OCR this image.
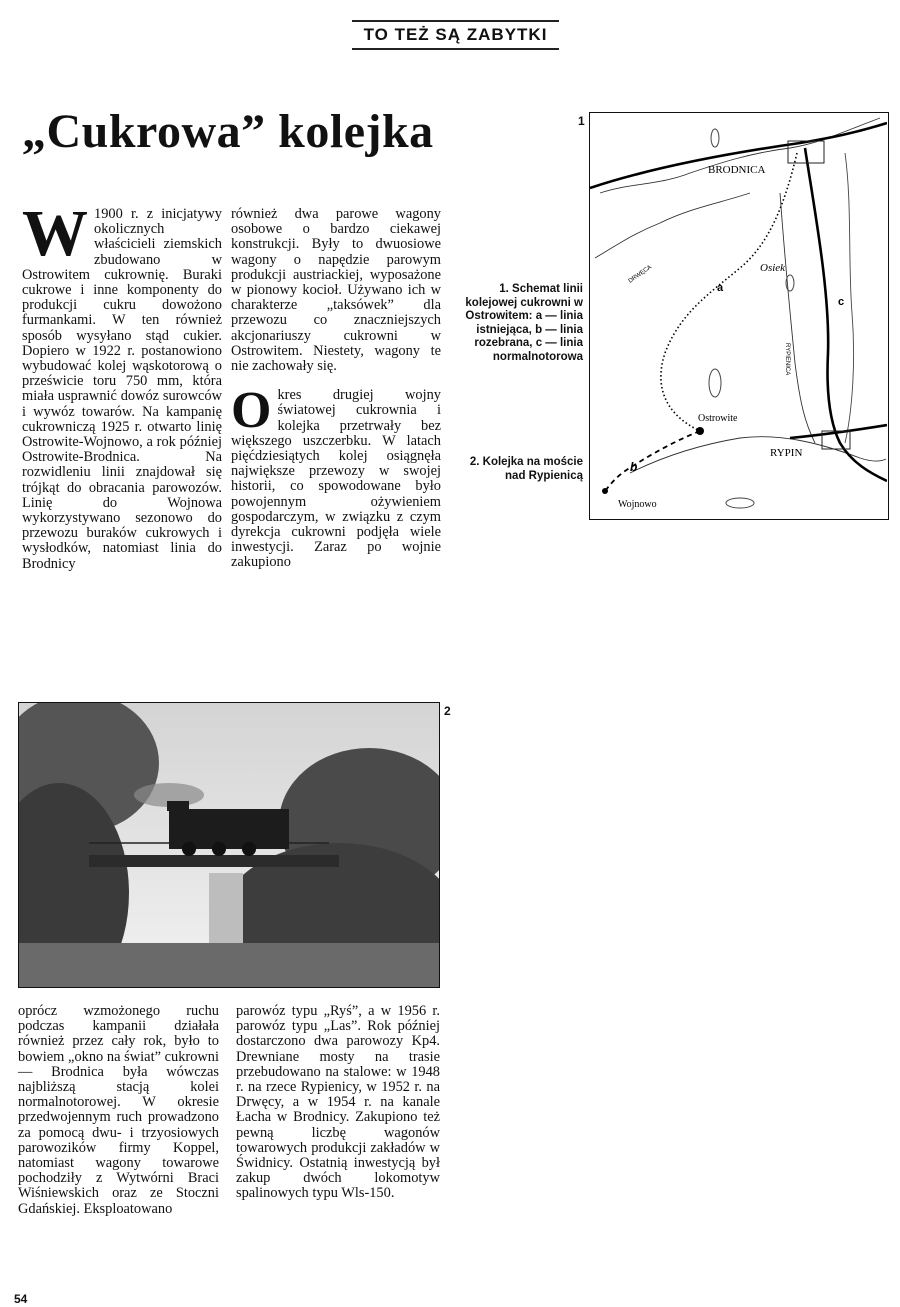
TO TEŻ SĄ ZABYTKI
„Cukrowa” kolejka
W 1900 r. z inicjatywy okolicznych właścicieli ziemskich zbudowano w Ostrowitem cukrownię. Buraki cukrowe i inne komponenty do produkcji cukru dowożono furmankami. W ten również sposób wysyłano stąd cukier. Dopiero w 1922 r. postanowiono wybudować kolej wąskotorową o prześwicie toru 750 mm, która miała usprawnić dowóz surowców i wywóz towarów. Na kampanię cukrowniczą 1925 r. otwarto linię Ostrowite-Wojnowo, a rok później Ostrowite-Brodnica. Na rozwidleniu linii znajdował się trójkąt do obracania parowozów. Linię do Wojnowa wykorzystywano sezonowo do przewozu buraków cukrowych i wysłodków, natomiast linia do Brodnicy

również dwa parowe wagony osobowe o bardzo ciekawej konstrukcji. Były to dwuosiowe wagony o napędzie parowym produkcji austriackiej, wyposażone w pionowy kocioł. Używano ich w charakterze „taksówek” dla przewozu co znaczniejszych akcjonariuszy cukrowni w Ostrowitem. Niestety, wagony te nie zachowały się.

O kres drugiej wojny światowej cukrownia i kolejka przetrwały bez większego uszczerbku. W latach pięćdziesiątych kolej osiągnęła największe przewozy w swojej historii, co spowodowane było powojennym ożywieniem gospodarczym, w związku z czym dyrekcja cukrowni podjęła wiele inwestycji. Zaraz po wojnie zakupiono

1
BRODNICA
Osiek
Ostrowite
RYPIN
Wojnowo
DRWĘCA
RYPIENICA
a
b
c
1. Schemat linii kolejowej cukrowni w Ostrowitem: a — linia istniejąca, b — linia rozebrana, c — linia normalnotorowa
2. Kolejka na moście nad Rypienicą
2

oprócz wzmożonego ruchu podczas kampanii działała również przez cały rok, było to bowiem „okno na świat” cukrowni — Brodnica była wówczas najbliższą stacją kolei normalnotorowej. W okresie przedwojennym ruch prowadzono za pomocą dwu- i trzyosiowych parowozików firmy Koppel, natomiast wagony towarowe pochodziły z Wytwórni Braci Wiśniewskich oraz ze Stoczni Gdańskiej. Eksploatowano

parowóz typu „Ryś”, a w 1956 r. parowóz typu „Las”. Rok później dostarczono dwa parowozy Kp4. Drewniane mosty na trasie przebudowano na stalowe: w 1948 r. na rzece Rypienicy, w 1952 r. na Drwęcy, a w 1954 r. na kanale Łacha w Brodnicy. Zakupiono też pewną liczbę wagonów towarowych produkcji zakładów w Świdnicy. Ostatnią inwestycją był zakup dwóch lokomotyw spalinowych typu Wls-150.

54
